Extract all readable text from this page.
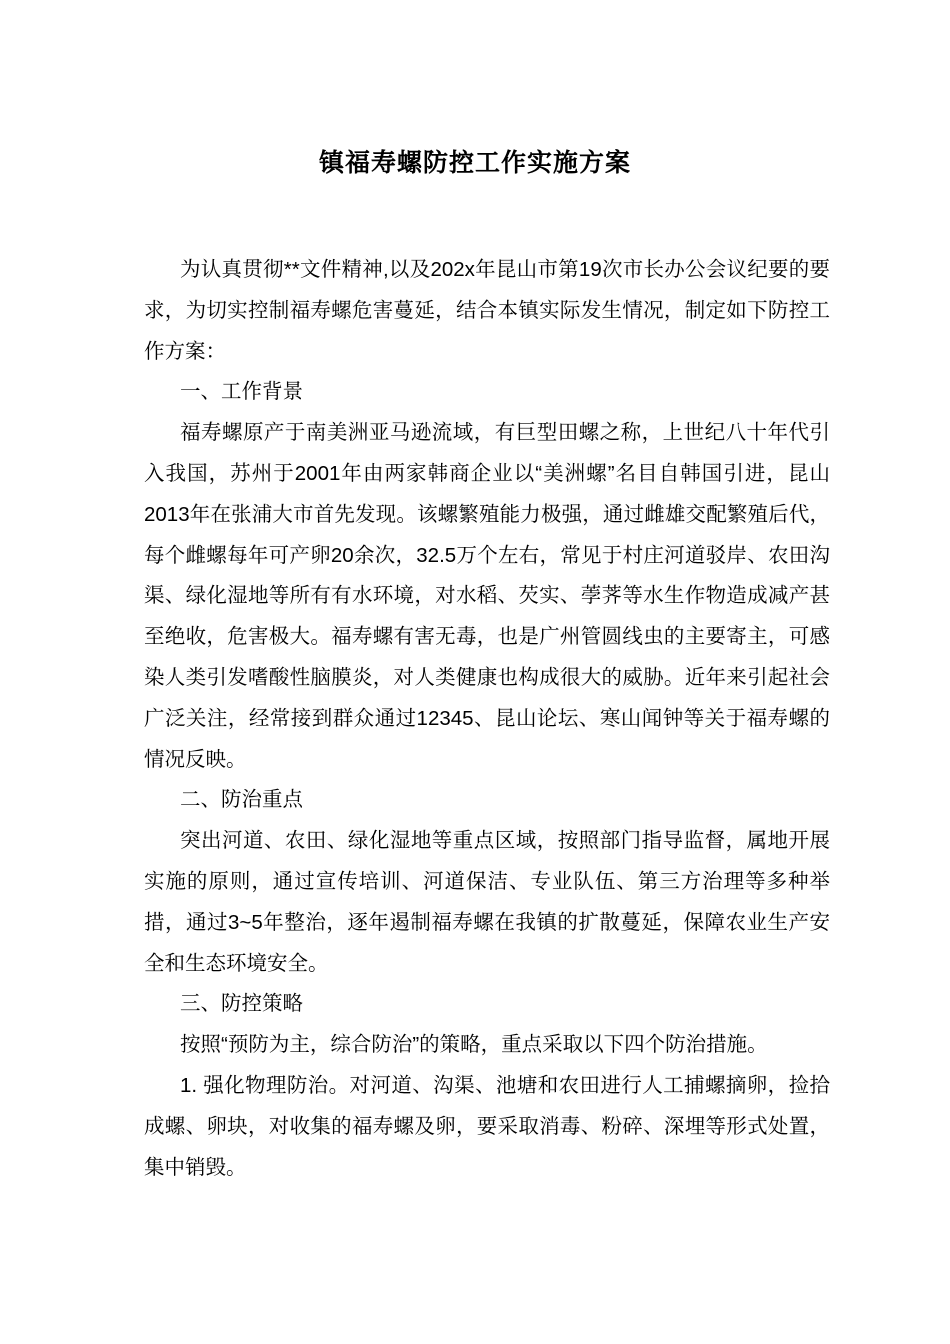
镇福寿螺防控工作实施方案

为认真贯彻**文件精神,以及202x年昆山市第19次市长办公会议纪要的要求，为切实控制福寿螺危害蔓延，结合本镇实际发生情况，制定如下防控工作方案：

一、工作背景

福寿螺原产于南美洲亚马逊流域，有巨型田螺之称，上世纪八十年代引入我国，苏州于2001年由两家韩商企业以“美洲螺”名目自韩国引进，昆山2013年在张浦大市首先发现。该螺繁殖能力极强，通过雌雄交配繁殖后代，每个雌螺每年可产卵20余次，32.5万个左右，常见于村庄河道驳岸、农田沟渠、绿化湿地等所有有水环境，对水稻、芡实、荸荠等水生作物造成减产甚至绝收，危害极大。福寿螺有害无毒，也是广州管圆线虫的主要寄主，可感染人类引发嗜酸性脑膜炎，对人类健康也构成很大的威胁。近年来引起社会广泛关注，经常接到群众通过12345、昆山论坛、寒山闻钟等关于福寿螺的情况反映。

二、防治重点

突出河道、农田、绿化湿地等重点区域，按照部门指导监督，属地开展实施的原则，通过宣传培训、河道保洁、专业队伍、第三方治理等多种举措，通过3~5年整治，逐年遏制福寿螺在我镇的扩散蔓延，保障农业生产安全和生态环境安全。

三、防控策略

按照“预防为主，综合防治”的策略，重点采取以下四个防治措施。

1. 强化物理防治。对河道、沟渠、池塘和农田进行人工捕螺摘卵，捡拾成螺、卵块，对收集的福寿螺及卵，要采取消毒、粉碎、深埋等形式处置，集中销毁。
